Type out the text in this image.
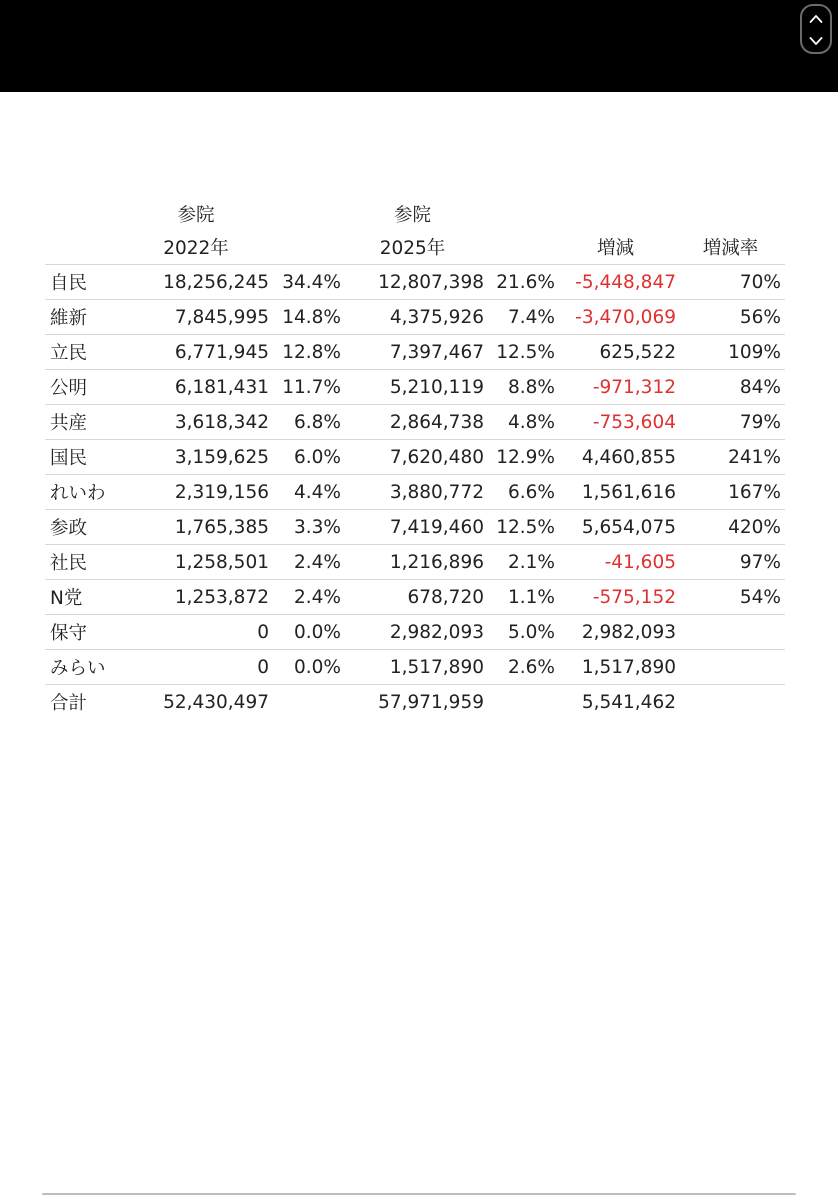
	参院		参院			
	2022年		2025年		増減	増減率
自民	18,256,245	34.4%	12,807,398	21.6%	-5,448,847	70%
維新	7,845,995	14.8%	4,375,926	7.4%	-3,470,069	56%
立民	6,771,945	12.8%	7,397,467	12.5%	625,522	109%
公明	6,181,431	11.7%	5,210,119	8.8%	-971,312	84%
共産	3,618,342	6.8%	2,864,738	4.8%	-753,604	79%
国民	3,159,625	6.0%	7,620,480	12.9%	4,460,855	241%
れいわ	2,319,156	4.4%	3,880,772	6.6%	1,561,616	167%
参政	1,765,385	3.3%	7,419,460	12.5%	5,654,075	420%
社民	1,258,501	2.4%	1,216,896	2.1%	-41,605	97%
N党	1,253,872	2.4%	678,720	1.1%	-575,152	54%
保守	0	0.0%	2,982,093	5.0%	2,982,093	
みらい	0	0.0%	1,517,890	2.6%	1,517,890	
合計	52,430,497		57,971,959		5,541,462	
